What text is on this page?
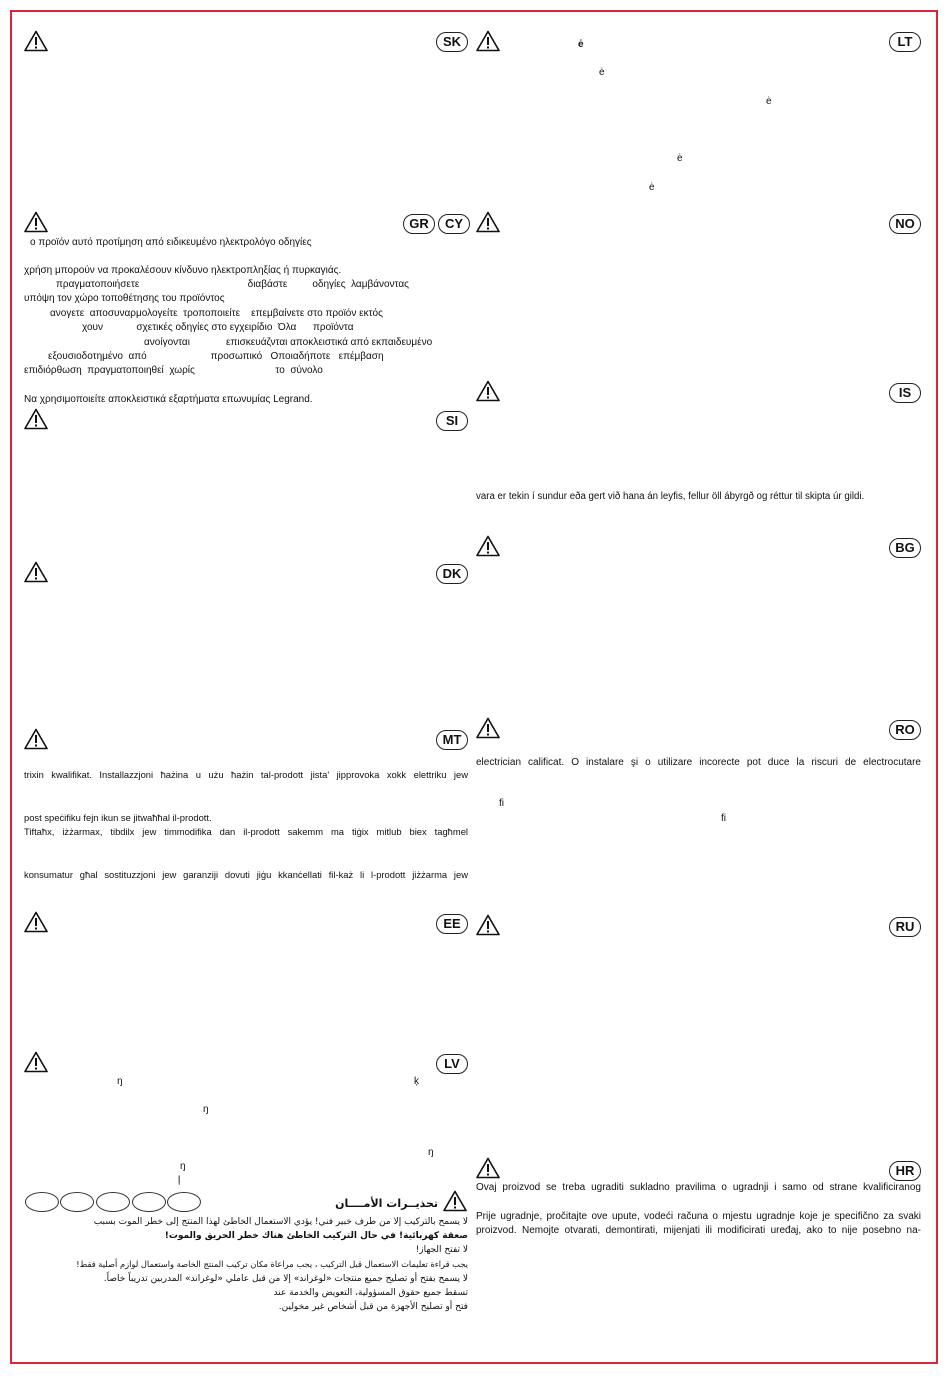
SK	LT
ė
ė
ė
ė
ė
GR	CY
ο προϊόν αυτό προτίμηση από ειδικευμένο ηλεκτρολόγο οδηγίες
χρήση μπορούν να προκαλέσουν κίνδυνο ηλεκτροπληξίας ή πυρκαγιάς.
πραγματοποιήσετε                                       διαβάστε         οδηγίες  λαμβάνοντας
υπόψη τον χώρο τοποθέτησης του προϊόντος
ανογετε  αποσυναρμολογείτε  τροποποιείτε    επεμβαίνετε στο προϊόν εκτός
χουν            σχετικές οδηγίες στο εγχειρίδιο  Όλα      προϊόντα
ανοίγονται             επισκευάζνται αποκλειστικά από εκπαιδευμένο
εξουσιοδοτημένο  από                       προσωπικό   Οποιαδήποτε   επέμβαση
επιδιόρθωση  πραγματοποιηθεί  χωρίς                             το  σύνολο
Να χρησιμοποιείτε αποκλειστικά εξαρτήματα επωνυμίας Legrand.
NO
SI
IS
vara er tekin í sundur eða gert við hana án leyfis, fellur öll ábyrgð og réttur til skipta úr gildi.
DK
BG
MT
trixin kwalifikat. Installazzjoni ħażina u użu ħażin tal-prodott jista' jipprovoka xokk elettriku jew
post speċifiku fejn ikun se jitwaħħal il-prodott.
Tiftaħx, iżżarmax, tibdilx jew timmodifika dan il-prodott sakemm ma tiġix mitlub biex tagħmel
konsumatur għal sostituzzjoni jew garanziji dovuti jiġu kkanċellati fil-każ li l-prodott jiżżarma jew
RO
electrician calificat. O instalare şi o utilizare incorecte pot duce la riscuri de electrocutare
ﬁ
ﬁ
EE	RU
LV
ŋ	ķ
ŋ
ŋ
ŋ
ļ
تحذيــرات الأمــــان
لا يسمح بالتركيب إلا من طرف خبير فني! يؤدي الاستعمال الخاطئ لهذا المنتج إلى خطر الموت بسبب
صعقة كهربائية! في حال التركيب الخاطئ هناك خطر الحريق والموت!
لا تفتح الجهاز!
يجب قراءة تعليمات الاستعمال قبل التركيب ، يجب مراعاة مكان تركيب المنتج الخاصة واستعمال لوازم أصلية فقط!
لا يسمح بفتح أو تصليح جميع منتجات «لوغراند» إلا من قبل عاملي «لوغراند» المدربين تدريباً خاصاً.
تسقط جميع حقوق المسؤولية، التعويض والخدمة عند
فتح أو تصليح الأجهزة من قبل أشخاص غير مخولين.
HR
Ovaj proizvod se treba ugraditi sukladno pravilima o ugradnji i samo od strane kvalificiranog
Prije ugradnje, pročitajte ove upute, vodeći računa o mjestu ugradnje koje je specifično za svaki
proizvod. Nemojte otvarati, demontirati, mijenjati ili modificirati uređaj, ako to nije posebno na-
